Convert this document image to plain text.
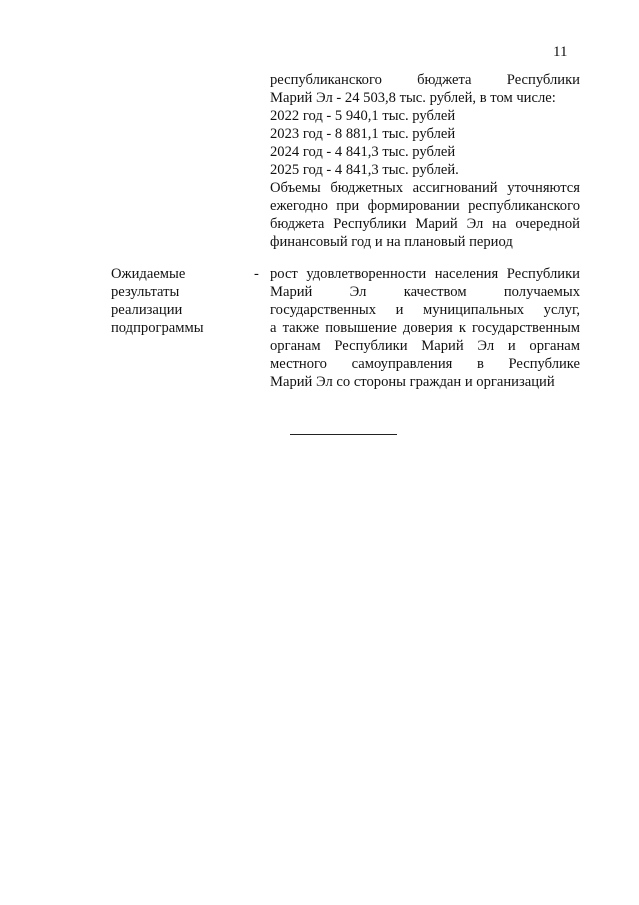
11
республиканского бюджета Республики
Марий Эл - 24 503,8 тыс. рублей, в том числе:
2022 год - 5 940,1 тыс. рублей
2023 год - 8 881,1 тыс. рублей
2024 год - 4 841,3 тыс. рублей
2025 год - 4 841,3 тыс. рублей.
Объемы бюджетных ассигнований уточняются
ежегодно при формировании республиканского
бюджета Республики Марий Эл на очередной
финансовый год и на плановый период
Ожидаемые
результаты
реализации
подпрограммы
- рост удовлетворенности населения Республики
Марий Эл качеством получаемых
государственных и муниципальных услуг,
а также повышение доверия к государственным
органам Республики Марий Эл и органам
местного самоуправления в Республике
Марий Эл со стороны граждан и организаций
